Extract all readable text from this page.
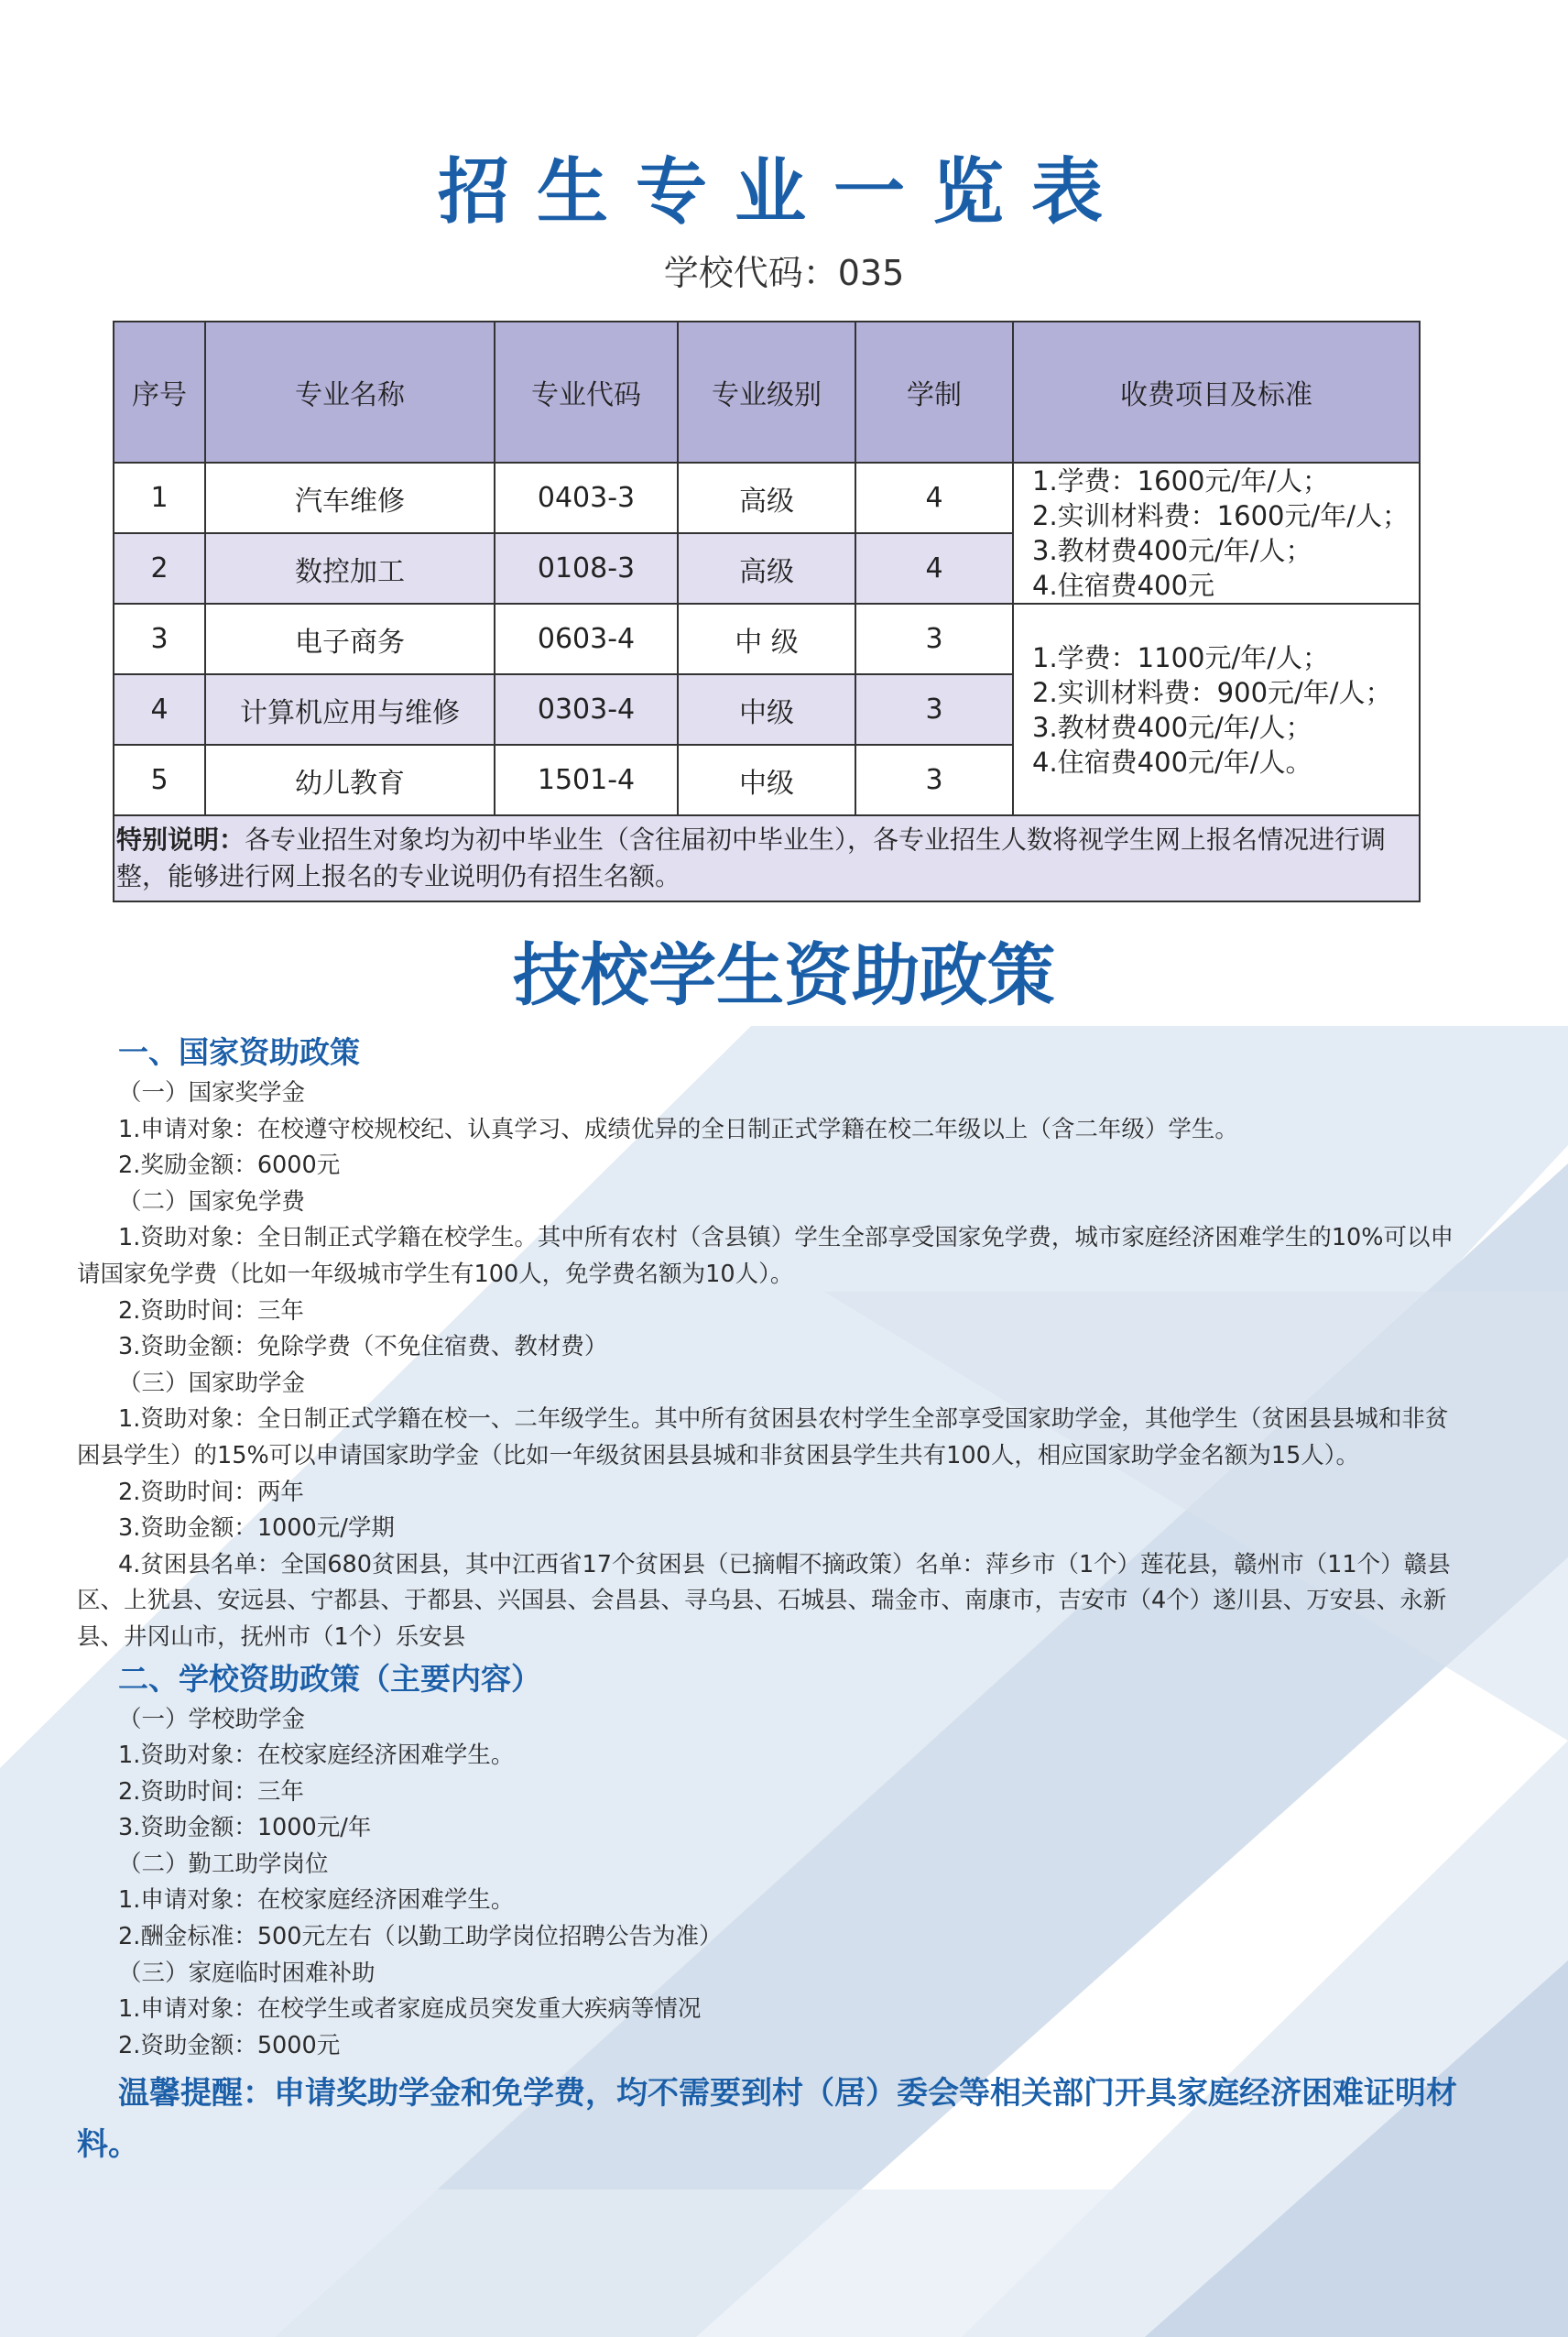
招生专业一览表
学校代码：035
序号	专业名称	专业代码	专业级别	学制	收费项目及标准
1	汽车维修	0403-3	高级	4	1.学费：1600元/年/人；
2.实训材料费：1600元/年/人；
3.教材费400元/年/人；
4.住宿费400元

2	数控加工	0108-3	高级	4	
3	电子商务	0603-4	中 级	3	1.学费：1100元/年/人；
2.实训材料费：900元/年/人；
3.教材费400元/年/人；
4.住宿费400元/年/人。

4	计算机应用与维修	0303-4	中级	3	
5	幼儿教育	1501-4	中级	3	
特别说明：各专业招生对象均为初中毕业生（含往届初中毕业生），各专业招生人数将视学生网上报名情况进行调整，能够进行网上报名的专业说明仍有招生名额。					
技校学生资助政策
一、国家资助政策
（一）国家奖学金
1.申请对象：在校遵守校规校纪、认真学习、成绩优异的全日制正式学籍在校二年级以上（含二年级）学生。
2.奖励金额：6000元
（二）国家免学费
1.资助对象：全日制正式学籍在校学生。其中所有农村（含县镇）学生全部享受国家免学费，城市家庭经济困难学生的10%可以申请国家免学费（比如一年级城市学生有100人，免学费名额为10人）。
2.资助时间：三年
3.资助金额：免除学费（不免住宿费、教材费）
（三）国家助学金
1.资助对象：全日制正式学籍在校一、二年级学生。其中所有贫困县农村学生全部享受国家助学金，其他学生（贫困县县城和非贫困县学生）的15%可以申请国家助学金（比如一年级贫困县县城和非贫困县学生共有100人，相应国家助学金名额为15人）。
2.资助时间：两年
3.资助金额：1000元/学期
4.贫困县名单：全国680贫困县，其中江西省17个贫困县（已摘帽不摘政策）名单：萍乡市（1个）莲花县，赣州市（11个）赣县区、上犹县、安远县、宁都县、于都县、兴国县、会昌县、寻乌县、石城县、瑞金市、南康市，吉安市（4个）遂川县、万安县、永新县、井冈山市，抚州市（1个）乐安县
二、学校资助政策（主要内容）
（一）学校助学金
1.资助对象：在校家庭经济困难学生。
2.资助时间：三年
3.资助金额：1000元/年
（二）勤工助学岗位
1.申请对象：在校家庭经济困难学生。
2.酬金标准：500元左右（以勤工助学岗位招聘公告为准）
（三）家庭临时困难补助
1.申请对象：在校学生或者家庭成员突发重大疾病等情况
2.资助金额：5000元
温馨提醒：申请奖助学金和免学费，均不需要到村（居）委会等相关部门开具家庭经济困难证明材料。
